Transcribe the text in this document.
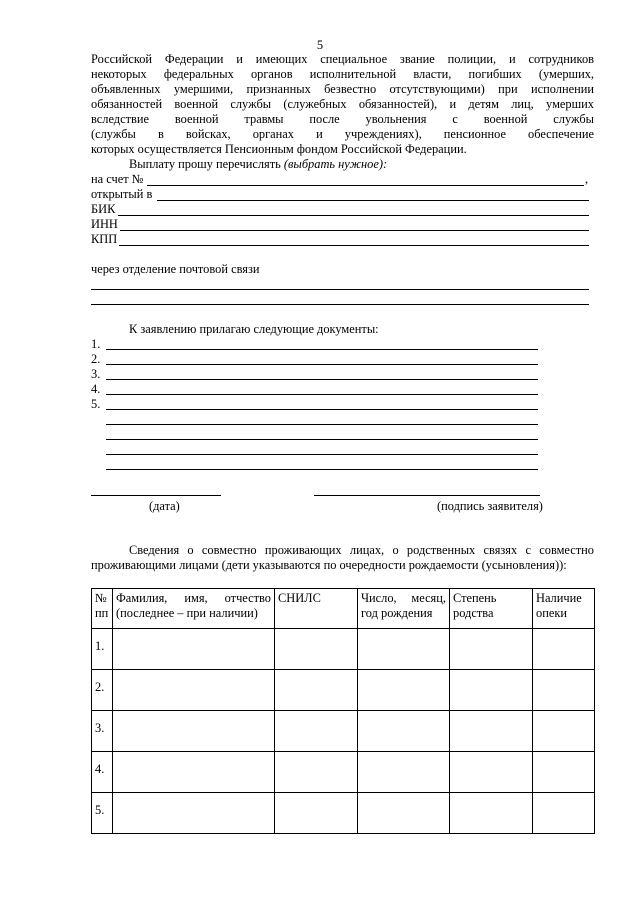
5
Российской Федерации и имеющих специальное звание полиции, и сотрудников
некоторых федеральных органов исполнительной власти, погибших (умерших,
объявленных умершими, признанных безвестно отсутствующими) при исполнении
обязанностей военной службы (служебных обязанностей), и детям лиц, умерших
вследствие военной травмы после увольнения с военной службы
(службы в войсках, органах и учреждениях), пенсионное обеспечение
которых осуществляется Пенсионным фондом Российской Федерации.
Выплату прошу перечислять (выбрать нужное):
на счет №	,
открытый в
БИК
ИНН
КПП
через отделение почтовой связи
К заявлению прилагаю следующие документы:
1.
2.
3.
4.
5.
(дата)	(подпись заявителя)
Сведения о совместно проживающих лицах, о родственных связях с совместно
проживающими лицами (дети указываются по очередности рождаемости (усыновления)):
№ пп	Фамилия, имя, отчество (последнее – при наличии)	СНИЛС	Число, месяц, год рождения	Степень родства	Наличие опеки
1.					
2.					
3.					
4.					
5.					
